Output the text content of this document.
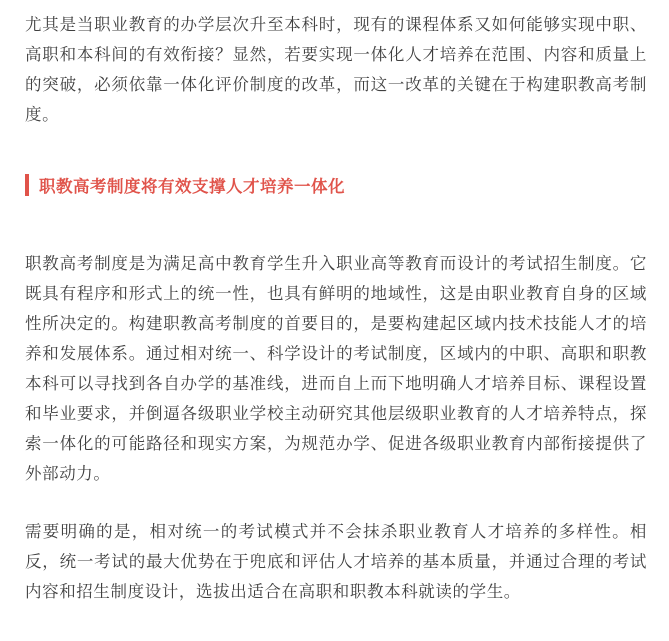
尤其是当职业教育的办学层次升至本科时，现有的课程体系又如何能够实现中职、高职和本科间的有效衔接？显然，若要实现一体化人才培养在范围、内容和质量上的突破，必须依靠一体化评价制度的改革，而这一改革的关键在于构建职教高考制度。

职教高考制度将有效支撑人才培养一体化

职教高考制度是为满足高中教育学生升入职业高等教育而设计的考试招生制度。它既具有程序和形式上的统一性，也具有鲜明的地域性，这是由职业教育自身的区域性所决定的。构建职教高考制度的首要目的，是要构建起区域内技术技能人才的培养和发展体系。通过相对统一、科学设计的考试制度，区域内的中职、高职和职教本科可以寻找到各自办学的基准线，进而自上而下地明确人才培养目标、课程设置和毕业要求，并倒逼各级职业学校主动研究其他层级职业教育的人才培养特点，探索一体化的可能路径和现实方案，为规范办学、促进各级职业教育内部衔接提供了外部动力。

需要明确的是，相对统一的考试模式并不会抹杀职业教育人才培养的多样性。相反，统一考试的最大优势在于兜底和评估人才培养的基本质量，并通过合理的考试内容和招生制度设计，选拔出适合在高职和职教本科就读的学生。
